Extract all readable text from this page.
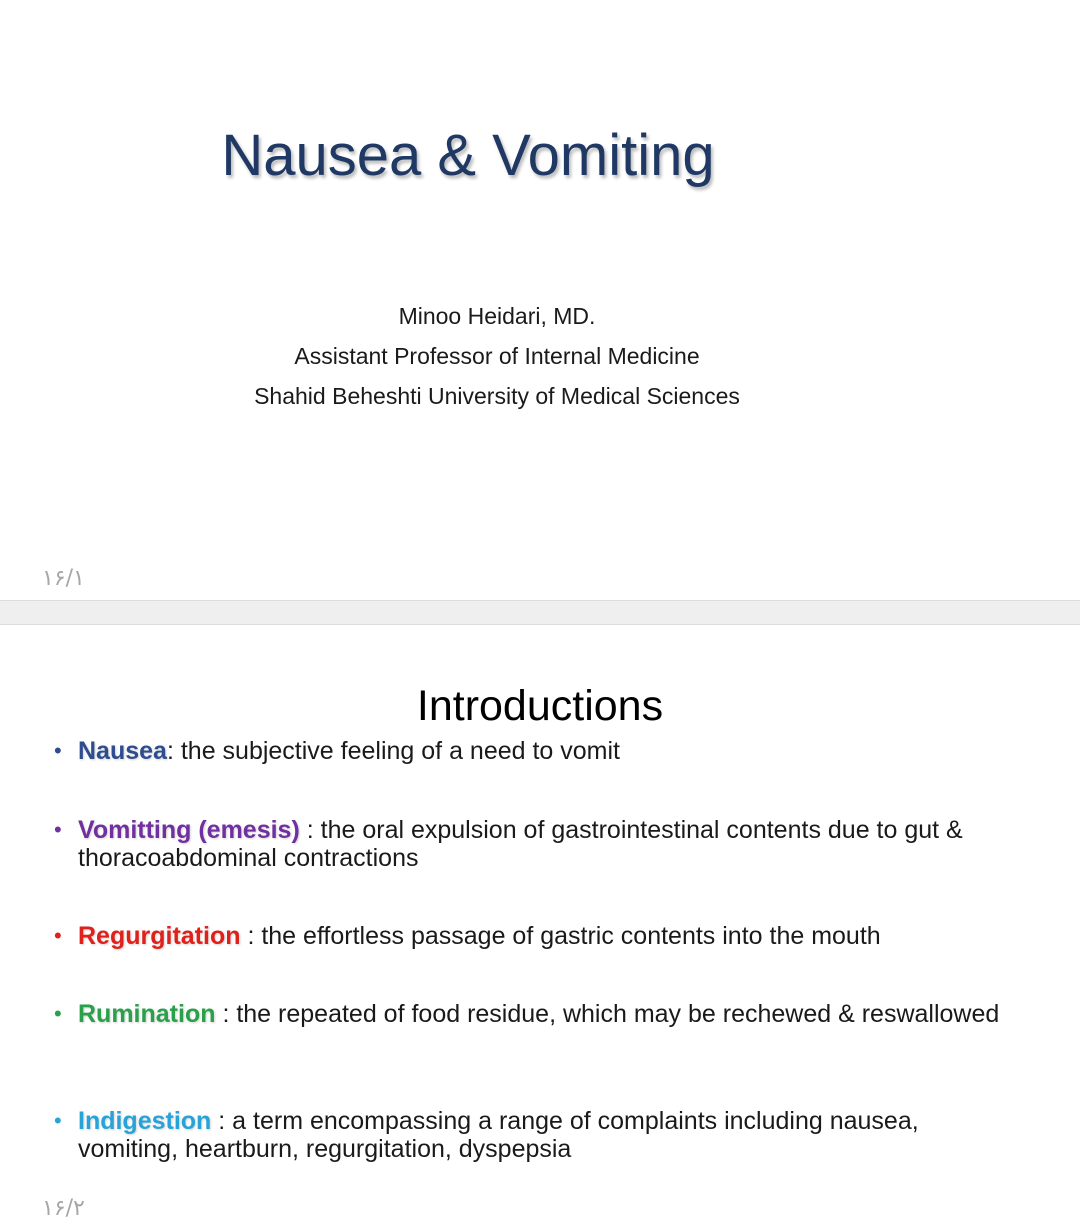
Nausea & Vomiting
Minoo Heidari, MD.
Assistant Professor of Internal Medicine
Shahid Beheshti University of Medical Sciences
۱۶/۱
Introductions
• Nausea: the subjective feeling of a need to vomit
• Vomitting (emesis) : the oral expulsion of gastrointestinal contents due to gut & thoracoabdominal contractions
• Regurgitation : the effortless passage of gastric contents into the mouth
• Rumination : the repeated of food residue, which may be rechewed & reswallowed
• Indigestion : a term encompassing a range of complaints including nausea, vomiting, heartburn, regurgitation, dyspepsia
۱۶/۲
